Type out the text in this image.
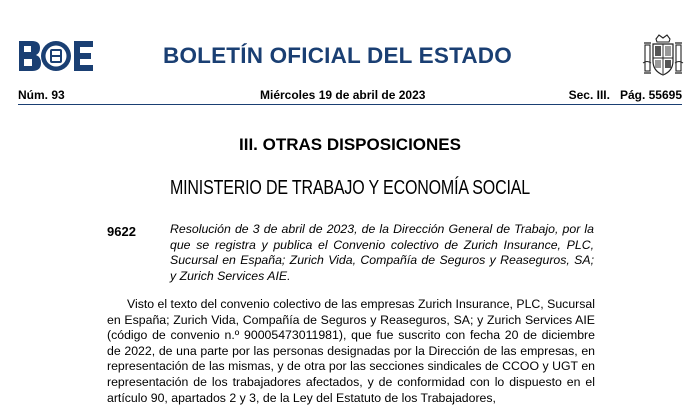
BOLETÍN OFICIAL DEL ESTADO
Núm. 93	Miércoles 19 de abril de 2023	Sec. III.   Pág. 55695
III. OTRAS DISPOSICIONES
MINISTERIO DE TRABAJO Y ECONOMÍA SOCIAL
9622	Resolución de 3 de abril de 2023, de la Dirección General de Trabajo, por la que se registra y publica el Convenio colectivo de Zurich Insurance, PLC, Sucursal en España; Zurich Vida, Compañía de Seguros y Reaseguros, SA; y Zurich Services AIE.

Visto el texto del convenio colectivo de las empresas Zurich Insurance, PLC, Sucursal en España; Zurich Vida, Compañía de Seguros y Reaseguros, SA; y Zurich Services AIE (código de convenio n.º 90005473011981), que fue suscrito con fecha 20 de diciembre de 2022, de una parte por las personas designadas por la Dirección de las empresas, en representación de las mismas, y de otra por las secciones sindicales de CCOO y UGT en representación de los trabajadores afectados, y de conformidad con lo dispuesto en el artículo 90, apartados 2 y 3, de la Ley del Estatuto de los Trabajadores,
